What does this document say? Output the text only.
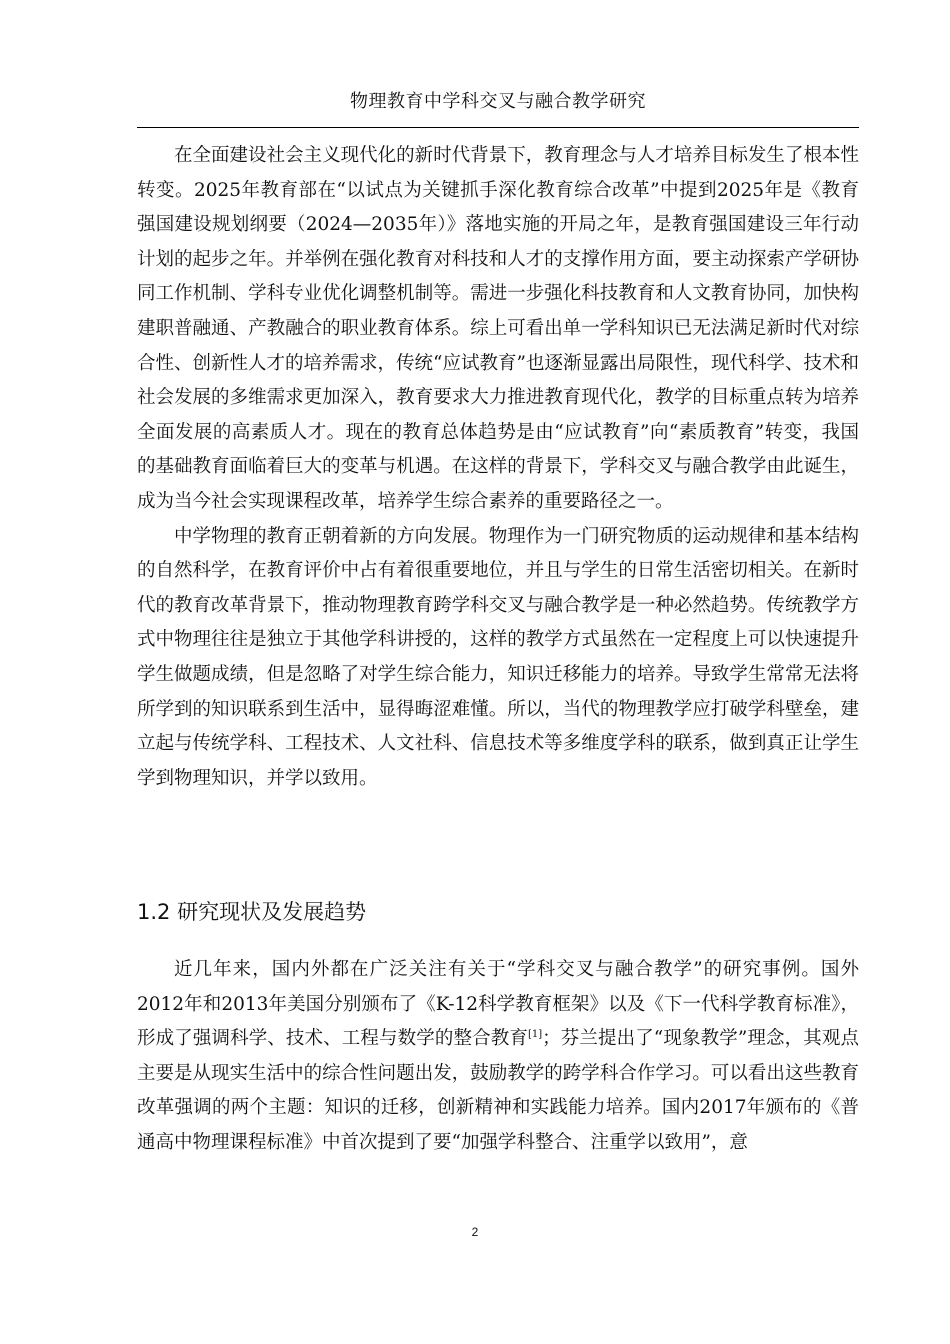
物理教育中学科交叉与融合教学研究

在全面建设社会主义现代化的新时代背景下，教育理念与人才培养目标发生了根本性转变。2025年教育部在“以试点为关键抓手深化教育综合改革”中提到2025年是《教育强国建设规划纲要（2024—2035年）》落地实施的开局之年，是教育强国建设三年行动计划的起步之年。并举例在强化教育对科技和人才的支撑作用方面，要主动探索产学研协同工作机制、学科专业优化调整机制等。需进一步强化科技教育和人文教育协同，加快构建职普融通、产教融合的职业教育体系。综上可看出单一学科知识已无法满足新时代对综合性、创新性人才的培养需求，传统“应试教育”也逐渐显露出局限性，现代科学、技术和社会发展的多维需求更加深入，教育要求大力推进教育现代化，教学的目标重点转为培养全面发展的高素质人才。现在的教育总体趋势是由“应试教育”向“素质教育”转变，我国的基础教育面临着巨大的变革与机遇。在这样的背景下，学科交叉与融合教学由此诞生，成为当今社会实现课程改革，培养学生综合素养的重要路径之一。

中学物理的教育正朝着新的方向发展。物理作为一门研究物质的运动规律和基本结构的自然科学，在教育评价中占有着很重要地位，并且与学生的日常生活密切相关。在新时代的教育改革背景下，推动物理教育跨学科交叉与融合教学是一种必然趋势。传统教学方式中物理往往是独立于其他学科讲授的，这样的教学方式虽然在一定程度上可以快速提升学生做题成绩，但是忽略了对学生综合能力，知识迁移能力的培养。导致学生常常无法将所学到的知识联系到生活中，显得晦涩难懂。所以，当代的物理教学应打破学科壁垒，建立起与传统学科、工程技术、人文社科、信息技术等多维度学科的联系，做到真正让学生学到物理知识，并学以致用。

1.2 研究现状及发展趋势

近几年来，国内外都在广泛关注有关于“学科交叉与融合教学”的研究事例。国外2012年和2013年美国分别颁布了《K-12科学教育框架》以及《下一代科学教育标准》，形成了强调科学、技术、工程与数学的整合教育[1]；芬兰提出了“现象教学”理念，其观点主要是从现实生活中的综合性问题出发，鼓励教学的跨学科合作学习。可以看出这些教育改革强调的两个主题：知识的迁移，创新精神和实践能力培养。国内2017年颁布的《普通高中物理课程标准》中首次提到了要“加强学科整合、注重学以致用”，意

2
